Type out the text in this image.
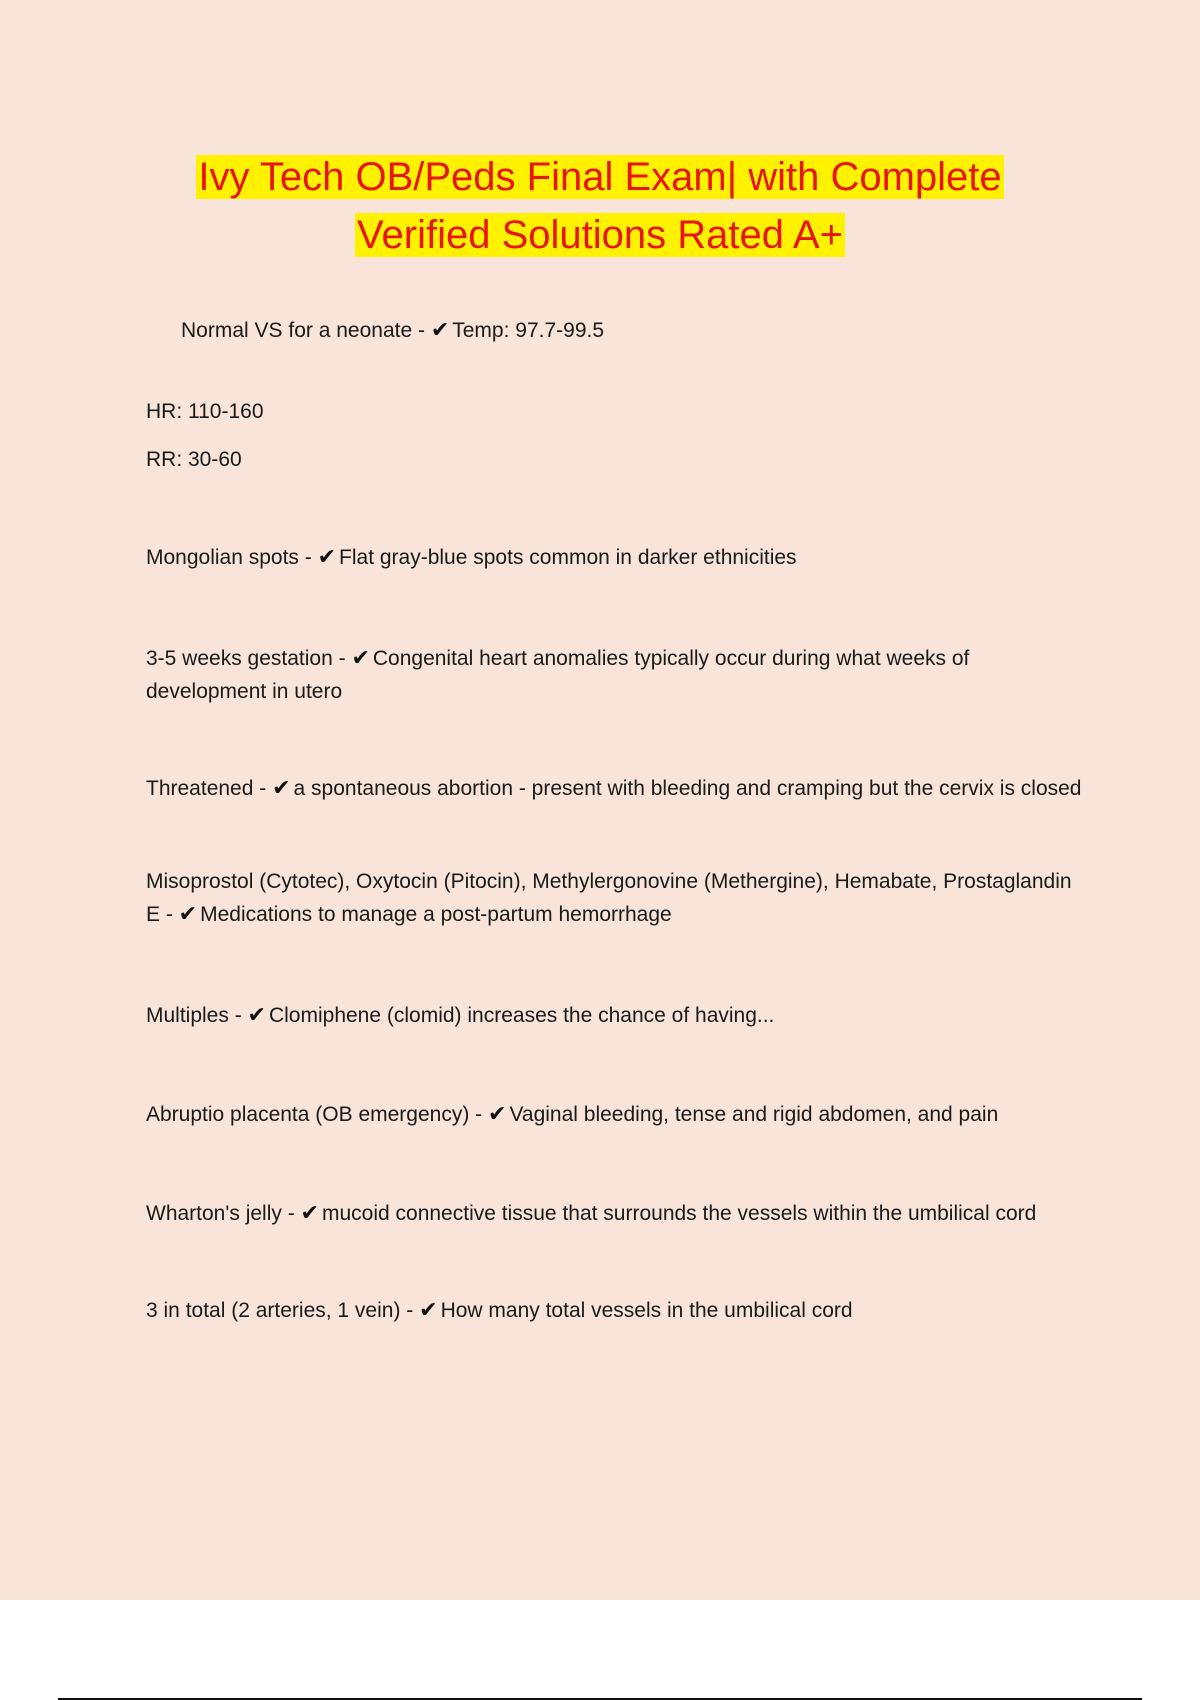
Ivy Tech OB/Peds Final Exam| with Complete
Verified Solutions Rated A+

Normal VS for a neonate - ✔ Temp: 97.7-99.5

HR: 110-160

RR: 30-60

Mongolian spots - ✔ Flat gray-blue spots common in darker ethnicities

3-5 weeks gestation - ✔ Congenital heart anomalies typically occur during what weeks of development in utero

Threatened - ✔ a spontaneous abortion - present with bleeding and cramping but the cervix is closed

Misoprostol (Cytotec), Oxytocin (Pitocin), Methylergonovine (Methergine), Hemabate, Prostaglandin E - ✔ Medications to manage a post-partum hemorrhage

Multiples - ✔ Clomiphene (clomid) increases the chance of having...

Abruptio placenta (OB emergency) - ✔ Vaginal bleeding, tense and rigid abdomen, and pain

Wharton's jelly - ✔ mucoid connective tissue that surrounds the vessels within the umbilical cord

3 in total (2 arteries, 1 vein) - ✔ How many total vessels in the umbilical cord
